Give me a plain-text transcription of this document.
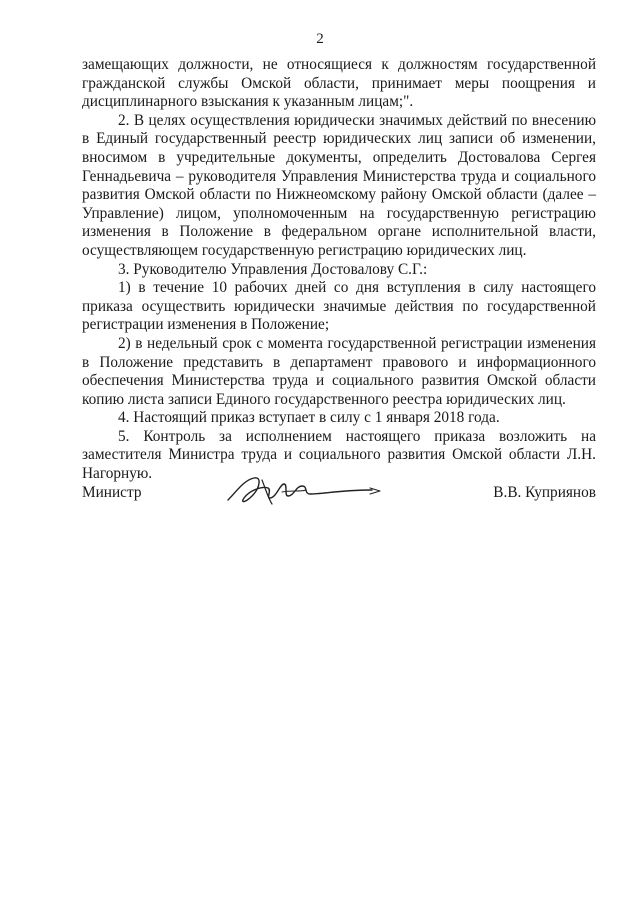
2

замещающих должности, не относящиеся к должностям государственной гражданской службы Омской области, принимает меры поощрения и дисциплинарного взыскания к указанным лицам;".

2. В целях осуществления юридически значимых действий по внесению в Единый государственный реестр юридических лиц записи об изменении, вносимом в учредительные документы, определить Достовалова Сергея Геннадьевича – руководителя Управления Министерства труда и социального развития Омской области по Нижнеомскому району Омской области (далее – Управление) лицом, уполномоченным на государственную регистрацию изменения в Положение в федеральном органе исполнительной власти, осуществляющем государственную регистрацию юридических лиц.

3. Руководителю Управления Достовалову С.Г.:

1) в течение 10 рабочих дней со дня вступления в силу настоящего приказа осуществить юридически значимые действия по государственной регистрации изменения в Положение;

2) в недельный срок с момента государственной регистрации изменения в Положение представить в департамент правового и информационного обеспечения Министерства труда и социального развития Омской области копию листа записи Единого государственного реестра юридических лиц.

4. Настоящий приказ вступает в силу с 1 января 2018 года.

5. Контроль за исполнением настоящего приказа возложить на заместителя Министра труда и социального развития Омской области Л.Н. Нагорную.

Министр	В.В. Куприянов
